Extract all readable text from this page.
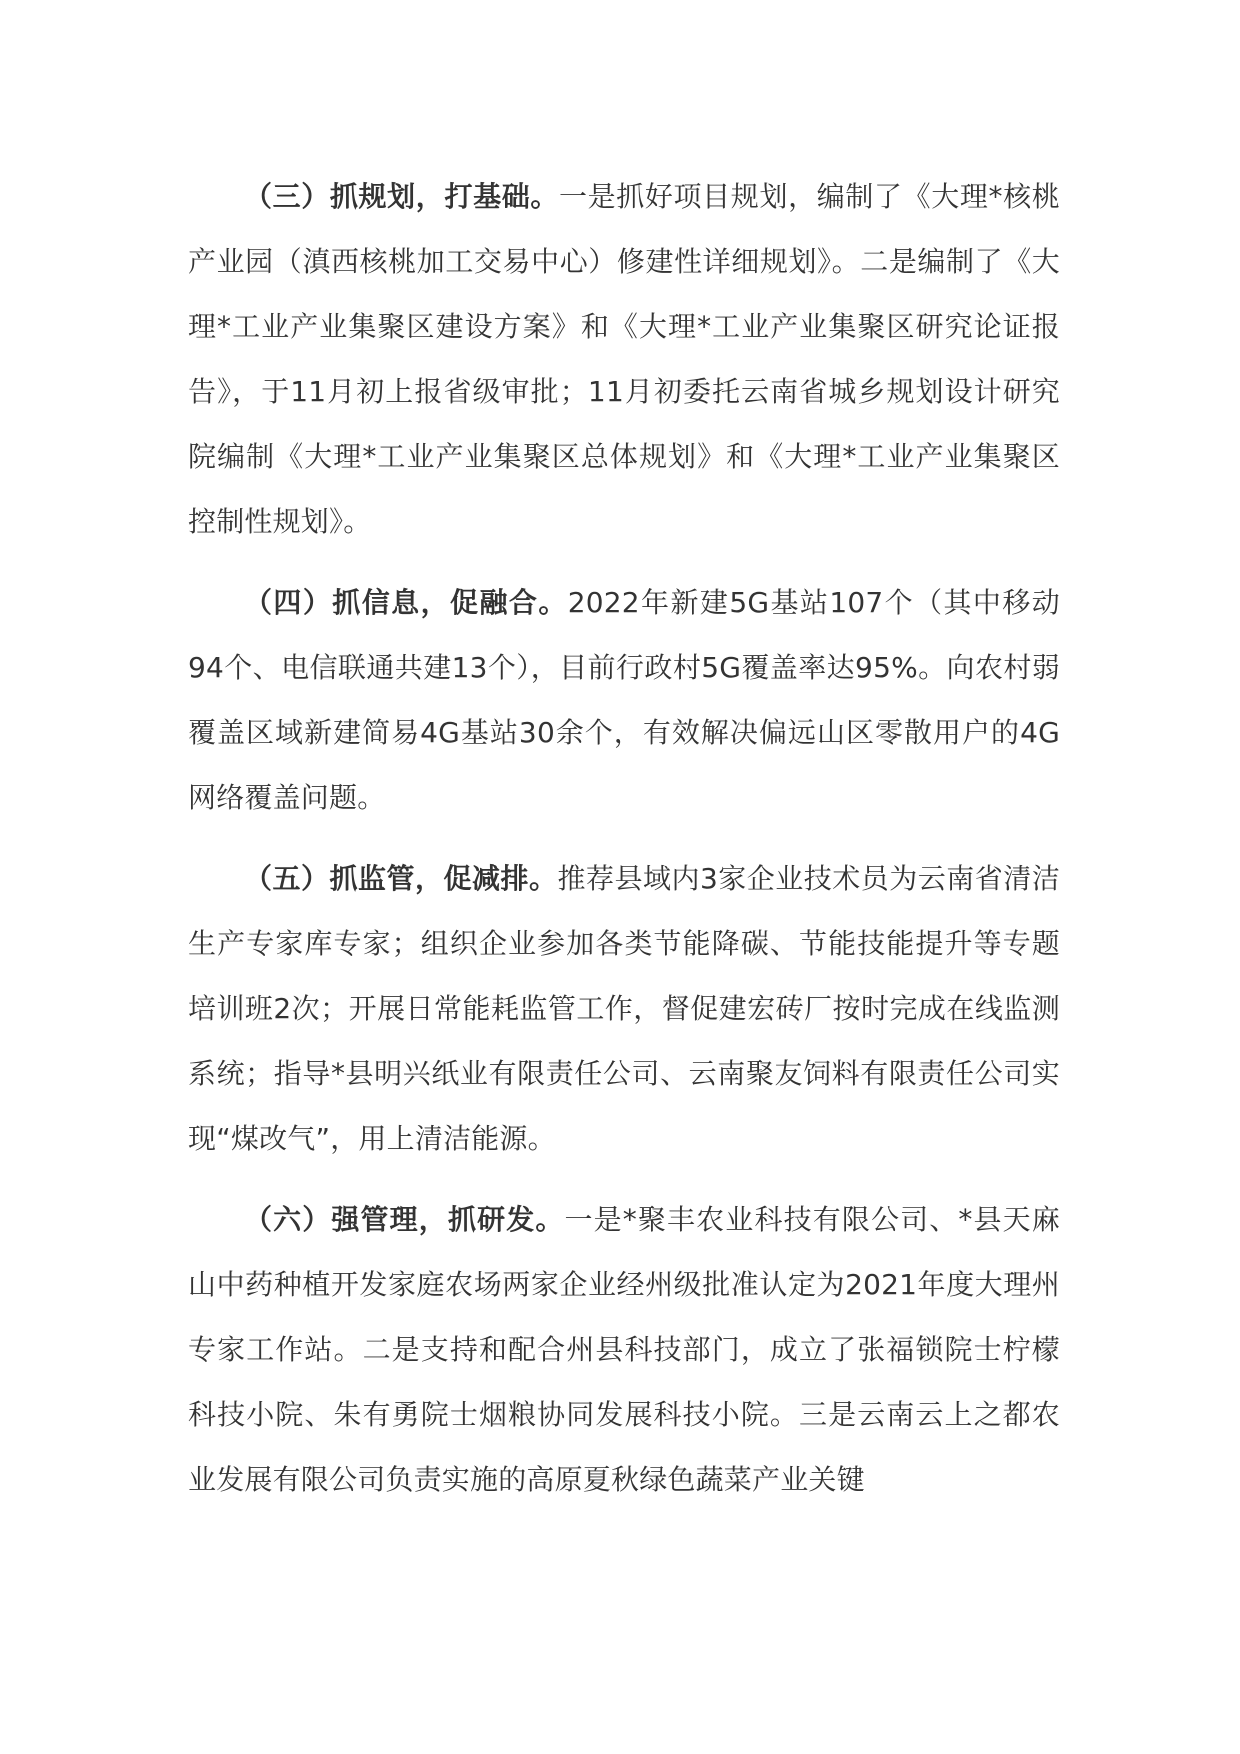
（三）抓规划，打基础。一是抓好项目规划，编制了《大理*核桃产业园（滇西核桃加工交易中心）修建性详细规划》。二是编制了《大理*工业产业集聚区建设方案》和《大理*工业产业集聚区研究论证报告》，于11月初上报省级审批；11月初委托云南省城乡规划设计研究院编制《大理*工业产业集聚区总体规划》和《大理*工业产业集聚区控制性规划》。

（四）抓信息，促融合。2022年新建5G基站107个（其中移动94个、电信联通共建13个），目前行政村5G覆盖率达95%。向农村弱覆盖区域新建简易4G基站30余个，有效解决偏远山区零散用户的4G网络覆盖问题。

（五）抓监管，促减排。推荐县域内3家企业技术员为云南省清洁生产专家库专家；组织企业参加各类节能降碳、节能技能提升等专题培训班2次；开展日常能耗监管工作，督促建宏砖厂按时完成在线监测系统；指导*县明兴纸业有限责任公司、云南聚友饲料有限责任公司实现“煤改气”，用上清洁能源。

（六）强管理，抓研发。一是*聚丰农业科技有限公司、*县天麻山中药种植开发家庭农场两家企业经州级批准认定为2021年度大理州专家工作站。二是支持和配合州县科技部门，成立了张福锁院士柠檬科技小院、朱有勇院士烟粮协同发展科技小院。三是云南云上之都农业发展有限公司负责实施的高原夏秋绿色蔬菜产业关键
